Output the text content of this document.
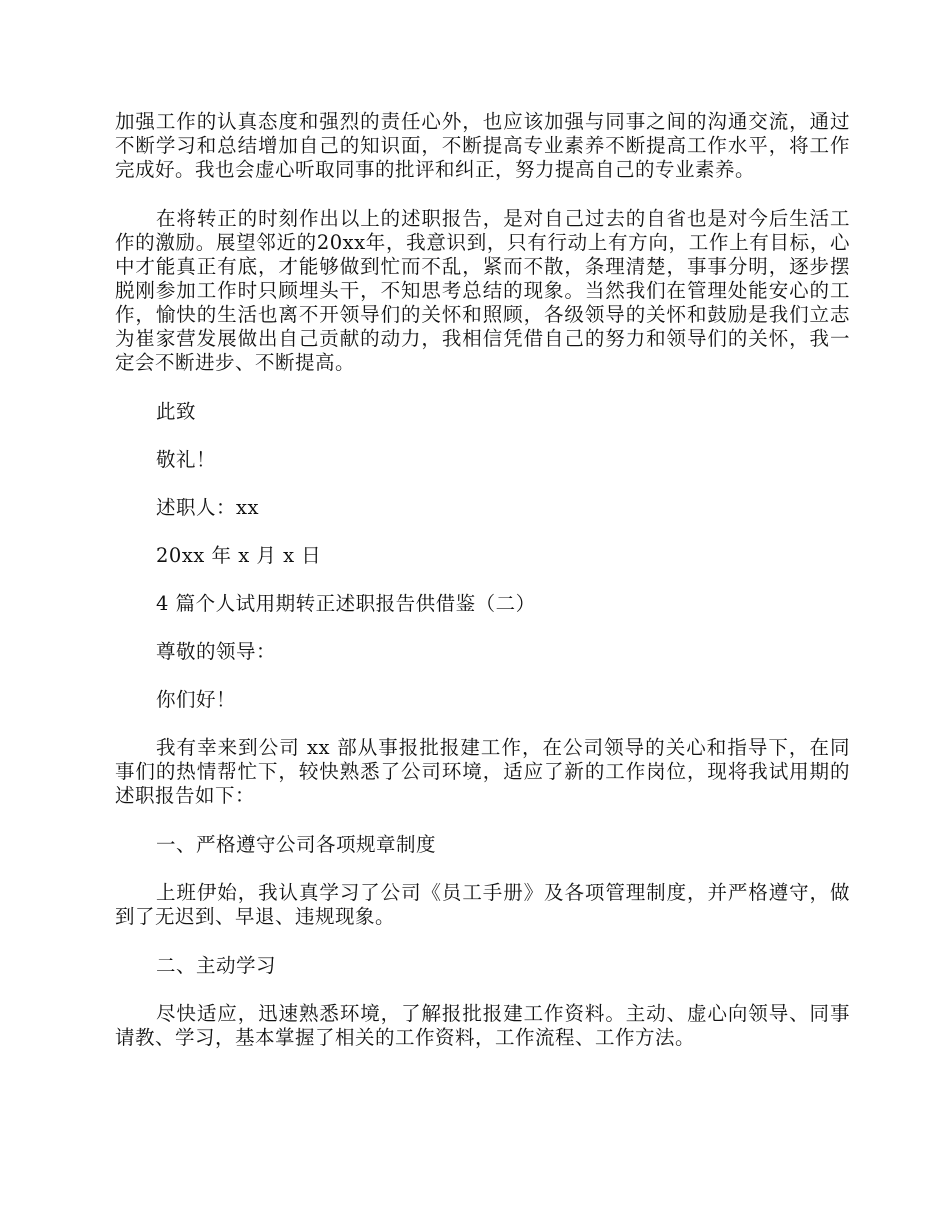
加强工作的认真态度和强烈的责任心外，也应该加强与同事之间的沟通交流，通过不断学习和总结增加自己的知识面，不断提高专业素养不断提高工作水平，将工作完成好。我也会虚心听取同事的批评和纠正，努力提高自己的专业素养。

在将转正的时刻作出以上的述职报告，是对自己过去的自省也是对今后生活工作的激励。展望邻近的20xx年，我意识到，只有行动上有方向，工作上有目标，心中才能真正有底，才能够做到忙而不乱，紧而不散，条理清楚，事事分明，逐步摆脱刚参加工作时只顾埋头干，不知思考总结的现象。当然我们在管理处能安心的工作，愉快的生活也离不开领导们的关怀和照顾，各级领导的关怀和鼓励是我们立志为崔家营发展做出自己贡献的动力，我相信凭借自己的努力和领导们的关怀，我一定会不断进步、不断提高。

此致

敬礼！

述职人：xx

20xx 年 x 月 x 日

4 篇个人试用期转正述职报告供借鉴（二）

尊敬的领导：

你们好！

我有幸来到公司 xx 部从事报批报建工作，在公司领导的关心和指导下，在同事们的热情帮忙下，较快熟悉了公司环境，适应了新的工作岗位，现将我试用期的述职报告如下：

一、严格遵守公司各项规章制度

上班伊始，我认真学习了公司《员工手册》及各项管理制度，并严格遵守，做到了无迟到、早退、违规现象。

二、主动学习

尽快适应，迅速熟悉环境，了解报批报建工作资料。主动、虚心向领导、同事请教、学习，基本掌握了相关的工作资料，工作流程、工作方法。
